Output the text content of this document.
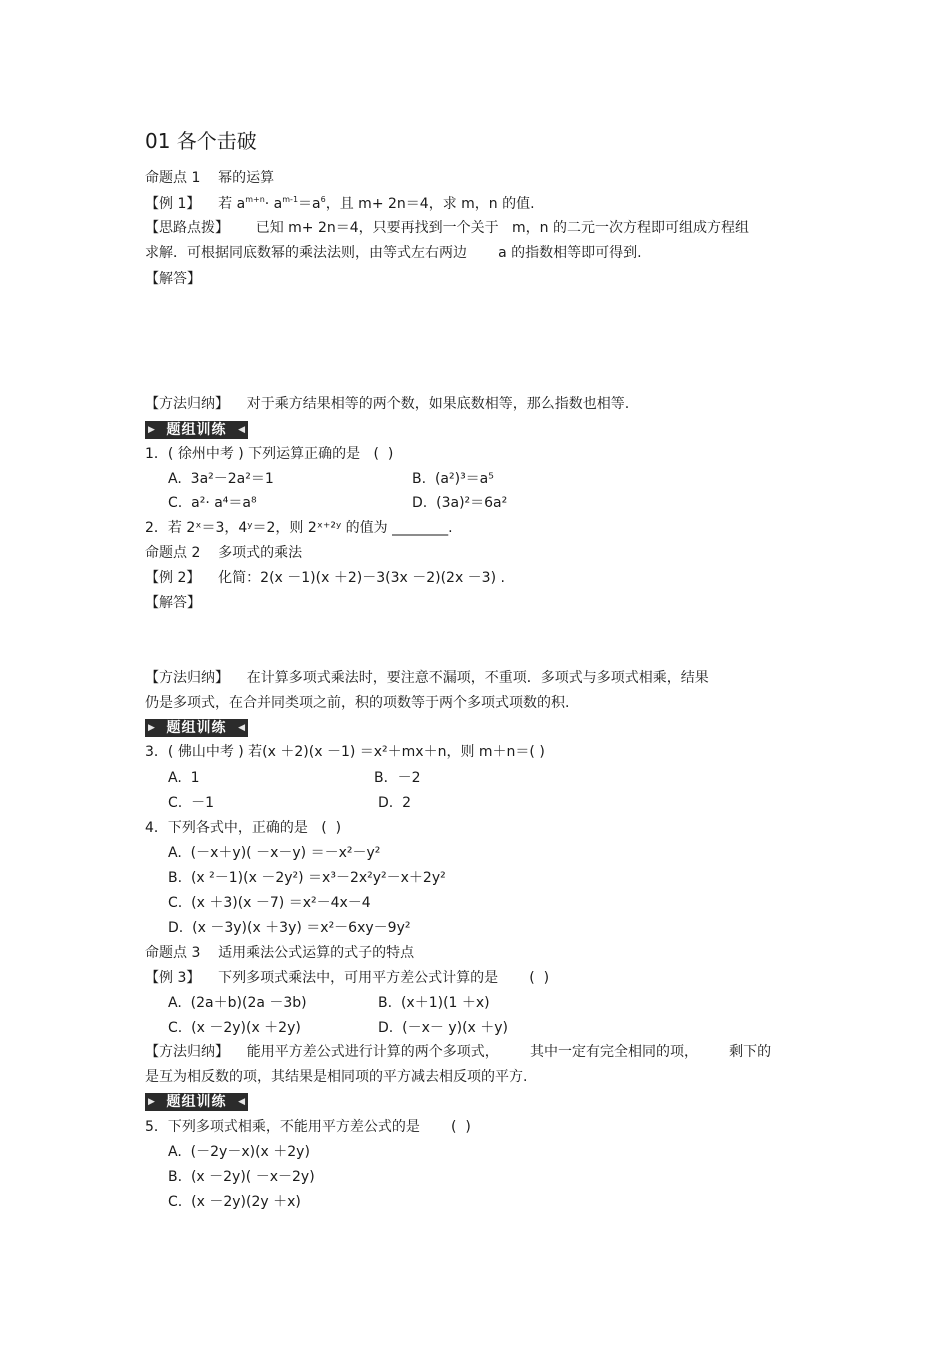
01 各个击破
命题点 1    幂的运算
【例 1】 若 $a^{m+n}\cdot a^{m-1}=a^6$，且 m+ 2n＝4，求 m，n 的值.
【思路点拨】 已知 m+ 2n＝4，只要再找到一个关于   m，n 的二元一次方程即可组成方程组
求解．可根据同底数幂的乘法法则，由等式左右两边       a 的指数相等即可得到.
【解答】
【方法归纳】    对于乘方结果相等的两个数，如果底数相等，那么指数也相等.
▶ 题组训练 ◀
1．( 徐州中考 ) 下列运算正确的是   (  )
A.  3a²－2a²＝1	B.  (a²)³＝a⁵
C.  a²· a⁴＝a⁸	D.  (3a)²＝6a²
2．若 2ˣ＝3，4ʸ＝2，则 2ˣ⁺²ʸ 的值为 ________.
命题点 2    多项式的乘法
【例 2】    化简：2(x －1)(x ＋2)－3(3x －2)(2x －3) .
【解答】
【方法归纳】    在计算多项式乘法时，要注意不漏项，不重项．多项式与多项式相乘，结果
仍是多项式，在合并同类项之前，积的项数等于两个多项式项数的积.
▶ 题组训练 ◀
3．( 佛山中考 ) 若(x ＋2)(x －1) ＝x²＋mx＋n，则 m＋n＝( )
A.  1	B．－2
C.  －1	D.  2
4．下列各式中，正确的是   (  )
A.  (－x＋y)( －x－y) ＝－x²－y²
B.  (x ²－1)(x －2y²) ＝x³－2x²y²－x＋2y²
C.  (x ＋3)(x －7) ＝x²－4x－4
D.  (x －3y)(x ＋3y) ＝x²－6xy－9y²
命题点 3    适用乘法公式运算的式子的特点
【例 3】    下列多项式乘法中，可用平方差公式计算的是       (  )
A.  (2a＋b)(2a －3b)	B.  (x＋1)(1 ＋x)
C.  (x －2y)(x ＋2y)	D.  (－x－ y)(x ＋y)
【方法归纳】    能用平方差公式进行计算的两个多项式，       其中一定有完全相同的项，       剩下的
是互为相反数的项，其结果是相同项的平方减去相反项的平方.
▶ 题组训练 ◀
5．下列多项式相乘，不能用平方差公式的是       (  )
A.  (－2y－x)(x ＋2y)
B.  (x －2y)( －x－2y)
C.  (x －2y)(2y ＋x)
